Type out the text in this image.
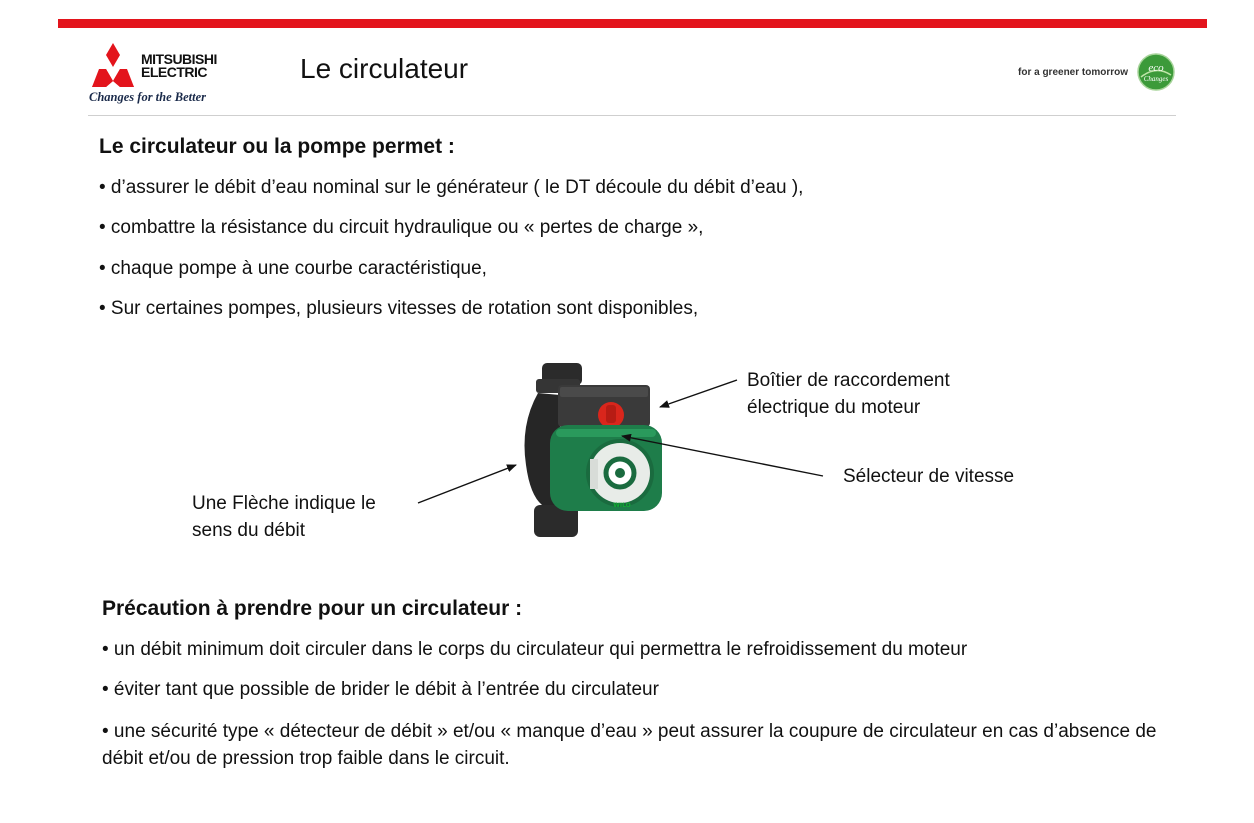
MITSUBISHI
ELECTRIC
Changes for the Better
Le circulateur	for a greener tomorrow eco
Changes
Le circulateur ou la pompe permet :
• d’assurer le débit d’eau nominal sur le générateur ( le DT découle du débit d’eau ),
• combattre la résistance du circuit hydraulique ou « pertes de charge »,
• chaque pompe à une courbe caractéristique,
• Sur certaines pompes, plusieurs vitesses de rotation sont disponibles,
WILO
Boîtier de raccordement
électrique du moteur
Sélecteur de vitesse
Une Flèche indique le
sens du débit
Précaution à prendre pour un circulateur :
• un débit minimum doit circuler dans le corps du circulateur qui permettra le refroidissement du moteur
• éviter tant que possible de brider le débit à l’entrée du circulateur
• une sécurité type « détecteur de débit » et/ou « manque d’eau » peut assurer la coupure de circulateur en cas d’absence de débit et/ou de pression trop faible dans le circuit.
